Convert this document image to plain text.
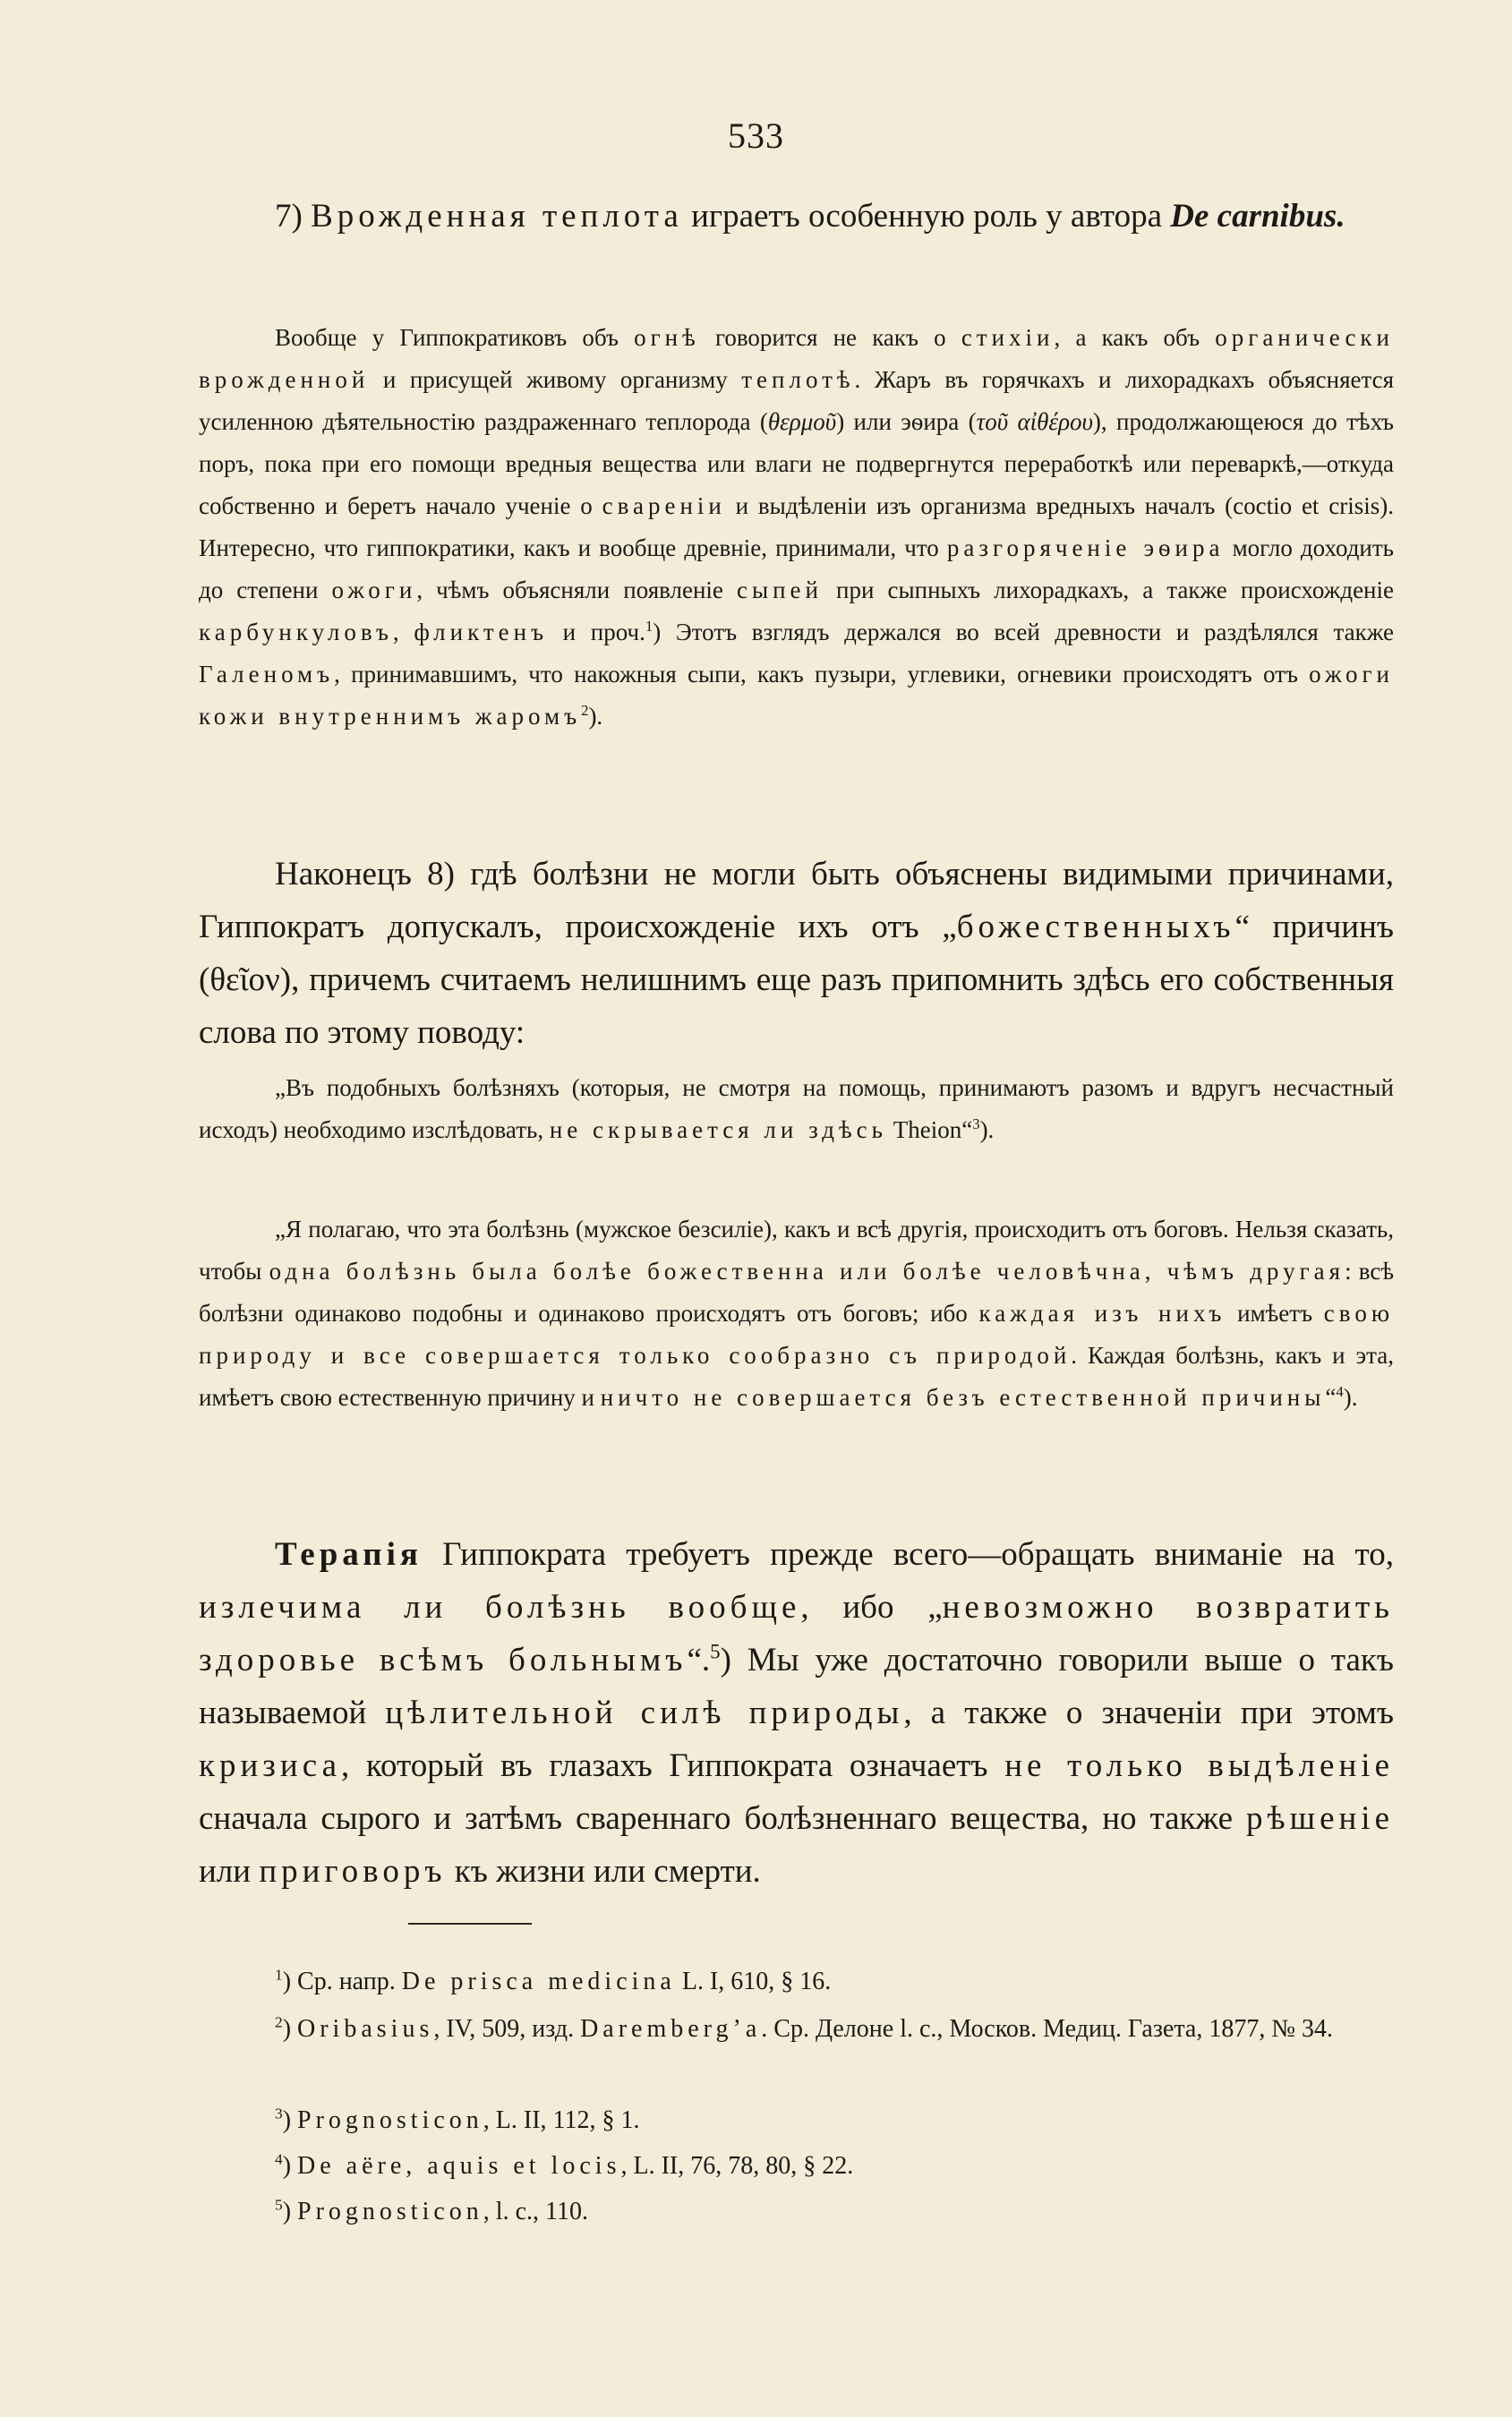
533

7) Врожденная теплота играетъ особенную роль у автора De carnibus.

Вообще у Гиппократиковъ объ огнѣ говорится не какъ о стихіи, а какъ объ органически врожденной и присущей живому организму теплотѣ. Жаръ въ горячкахъ и лихорадкахъ объясняется усиленною дѣятельностію раздраженнаго теплорода (θερμοῦ) или эѳира (τοῦ αἰθέρου), продолжающеюся до тѣхъ поръ, пока при его помощи вредныя вещества или влаги не подвергнутся переработкѣ или переваркѣ,—откуда собственно и беретъ начало ученіе о свареніи и выдѣленіи изъ организма вредныхъ началъ (coctio et crisis). Интересно, что гиппократики, какъ и вообще древніе, принимали, что разгоряченіе эѳира могло доходить до степени ожоги, чѣмъ объясняли появленіе сыпей при сыпныхъ лихорадкахъ, а также происхожденіе карбункуловъ, фликтенъ и проч.$^1$) Этотъ взглядъ держался во всей древности и раздѣлялся также Галеномъ, принимавшимъ, что накожныя сыпи, какъ пузыри, углевики, огневики происходятъ отъ ожоги кожи внутреннимъ жаромъ$^2$).

Наконецъ 8) гдѣ болѣзни не могли быть объяснены видимыми причинами, Гиппократъ допускалъ, происхожденіе ихъ отъ „божественныхъ“ причинъ (θεῖον), причемъ считаемъ нелишнимъ еще разъ припомнить здѣсь его собственныя слова по этому поводу:

„Въ подобныхъ болѣзняхъ (которыя, не смотря на помощь, принимаютъ разомъ и вдругъ несчастный исходъ) необходимо изслѣдовать, не скрывается ли здѣсь Theion“$^3$).

„Я полагаю, что эта болѣзнь (мужское безсиліе), какъ и всѣ другія, происходитъ отъ боговъ. Нельзя сказать, чтобы одна болѣзнь была болѣе божественна или болѣе человѣчна, чѣмъ другая: всѣ болѣзни одинаково подобны и одинаково происходятъ отъ боговъ; ибо каждая изъ нихъ имѣетъ свою природу и все совершается только сообразно съ природой. Каждая болѣзнь, какъ и эта, имѣетъ свою естественную причину и ничто не совершается безъ естественной причины“$^4$).

Терапія Гиппократа требуетъ прежде всего—обращать вниманіе на то, излечима ли болѣзнь вообще, ибо „невозможно возвратить здоровье всѣмъ больнымъ“.$^5$) Мы уже достаточно говорили выше о такъ называемой цѣлительной силѣ природы, а также о значеніи при этомъ кризиса, который въ глазахъ Гиппократа означаетъ не только выдѣленіе сначала сырого и затѣмъ свареннаго болѣзненнаго вещества, но также рѣшеніе или приговоръ къ жизни или смерти.

$^1$) Ср. напр. De prisca medicina L. I, 610, § 16.
$^2$) Oribasius, IV, 509, изд. Daremberg’a. Ср. Делоне l. c., Москов. Медиц. Газета, 1877, № 34.
$^3$) Prognosticon, L. II, 112, § 1.
$^4$) De aëre, aquis et locis, L. II, 76, 78, 80, § 22.
$^5$) Prognosticon, l. c., 110.
